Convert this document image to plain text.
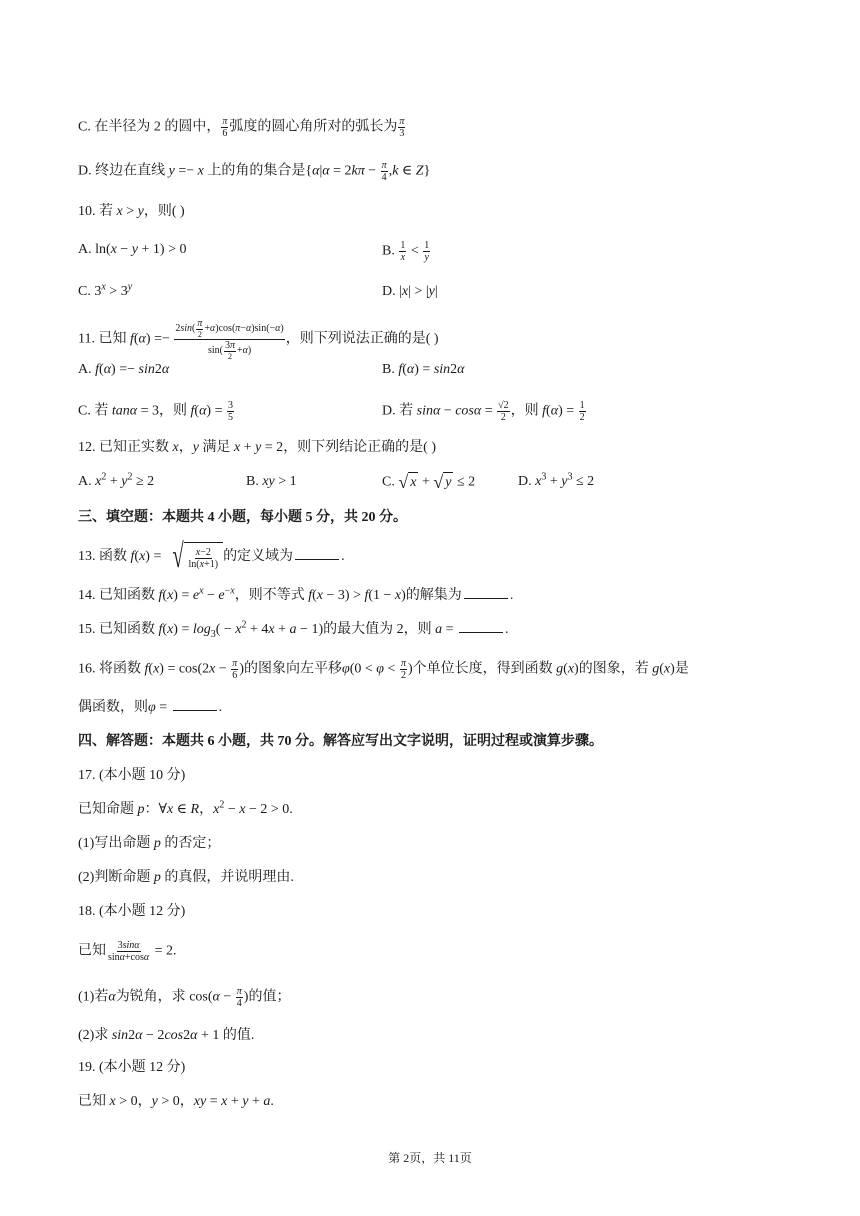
C. 在半径为 2 的圆中， $\frac{\pi}{6}$ 弧度的圆心角所对的弧长为 $\frac{\pi}{3}$
D. 终边在直线 y =− x 上的角的集合是{$\alpha|\alpha = 2k\pi - \frac{\pi}{4} ,k$ ∈ Z}
10. 若 x > y，则( )
A. ln(x − y + 1) > 0	B. $\frac{1}{x} < \frac{1}{y}$
C. $3^x > 3^y$	D. |x| > |y|
11. 已知 f(α) =− 2sin( π
2
+α)cos(π−α)sin(−α)
sin( 3π
2
+α) ，则下列说法正确的是( )
A. f(α) =− sin2α	B. f(α) = sin2α
C. 若 tanα = 3，则 $f(\alpha) = \frac{3}{5}$	D. 若 $\sin\alpha - \cos\alpha = \frac{√2}{2}$ ，则 $f(\alpha) = \frac{1}{2}$
12. 已知正实数 x，y 满足 x + y = 2，则下列结论正确的是( )
A. $x^2 + y^2 \ge 2$	B. xy > 1	C. √ x + √ y ≤ 2	D. $x^3 + y^3 \le 2$
三、填空题：本题共 4 小题，每小题 5 分，共 20 分。
13. 函数 f(x) = √ $\frac{x-2}{\ln(x+1)}$ 的定义域为	.
14. 已知函数 $f(x) = e^x - e^{-x}$，则不等式 f(x − 3) > f(1 − x)的解集为	.
15. 已知函数 $f(x) = \log_3( - x^2 + 4x + a - 1)$的最大值为 2，则 a =	.
16. 将函数 $f(x) = \cos(2x - \frac{\pi}{6}$ )的图象向左平移$\varphi(0 < \varphi < \frac{\pi}{2}$ )个单位长度，得到函数 g(x)的图象，若 g(x)是
偶函数，则φ =	.
四、解答题：本题共 6 小题，共 70 分。解答应写出文字说明，证明过程或演算步骤。
17. (本小题 10 分)
已知命题 p：∀x ∈ R，$x^2 - x - 2 > 0$.
(1)写出命题 p 的否定；
(2)判断命题 p 的真假，并说明理由.
18. (本小题 12 分)
已知 $\frac{3\sin\alpha}{\sin\alpha+\cos\alpha} = 2$.
(1)若α为锐角，求 $\cos(\alpha - \frac{\pi}{4}$ )的值；
(2)求 sin2α − 2cos2α + 1 的值.
19. (本小题 12 分)
已知 x > 0，y > 0，xy = x + y + a.
第 2页，共 11页
